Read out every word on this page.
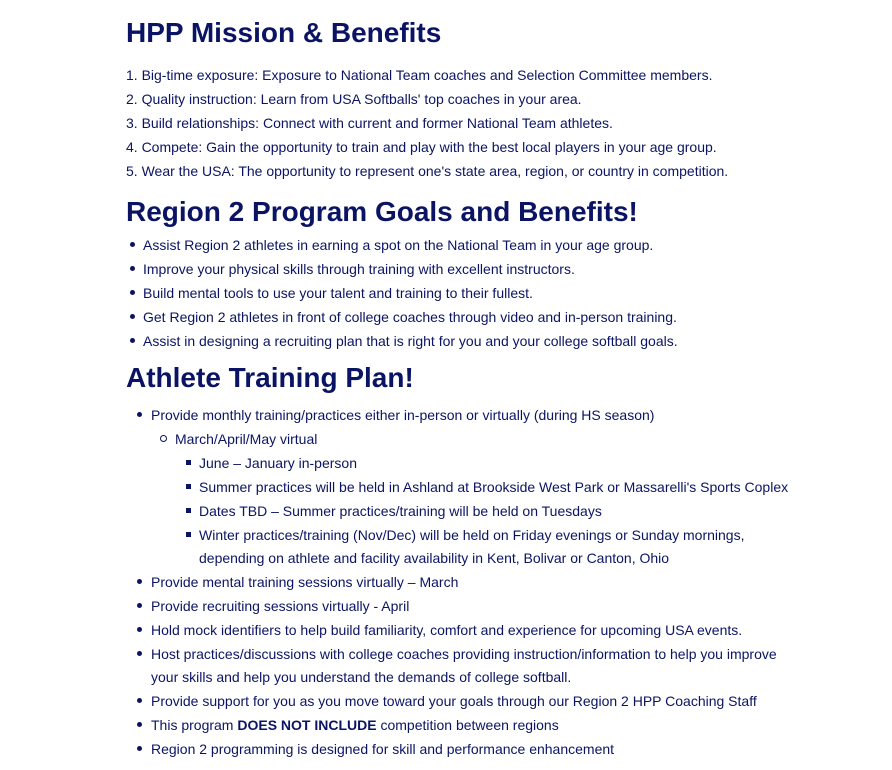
HPP Mission & Benefits
1. Big-time exposure: Exposure to National Team coaches and Selection Committee members.
2. Quality instruction: Learn from USA Softballs' top coaches in your area.
3. Build relationships: Connect with current and former National Team athletes.
4. Compete: Gain the opportunity to train and play with the best local players in your age group.
5. Wear the USA: The opportunity to represent one's state area, region, or country in competition.
Region 2 Program Goals and Benefits!
Assist Region 2 athletes in earning a spot on the National Team in your age group.
Improve your physical skills through training with excellent instructors.
Build mental tools to use your talent and training to their fullest.
Get Region 2 athletes in front of college coaches through video and in-person training.
Assist in designing a recruiting plan that is right for you and your college softball goals.
Athlete Training Plan!
Provide monthly training/practices either in-person or virtually (during HS season)
March/April/May virtual
June – January in-person
Summer practices will be held in Ashland at Brookside West Park or Massarelli's Sports Coplex
Dates TBD – Summer practices/training will be held on Tuesdays
Winter practices/training (Nov/Dec) will be held on Friday evenings or Sunday mornings,
depending on athlete and facility availability in Kent, Bolivar or Canton, Ohio
Provide mental training sessions virtually – March
Provide recruiting sessions virtually - April
Hold mock identifiers to help build familiarity, comfort and experience for upcoming USA events.
Host practices/discussions with college coaches providing instruction/information to help you improve
your skills and help you understand the demands of college softball.
Provide support for you as you move toward your goals through our Region 2 HPP Coaching Staff
This program DOES NOT INCLUDE competition between regions
Region 2 programming is designed for skill and performance enhancement
